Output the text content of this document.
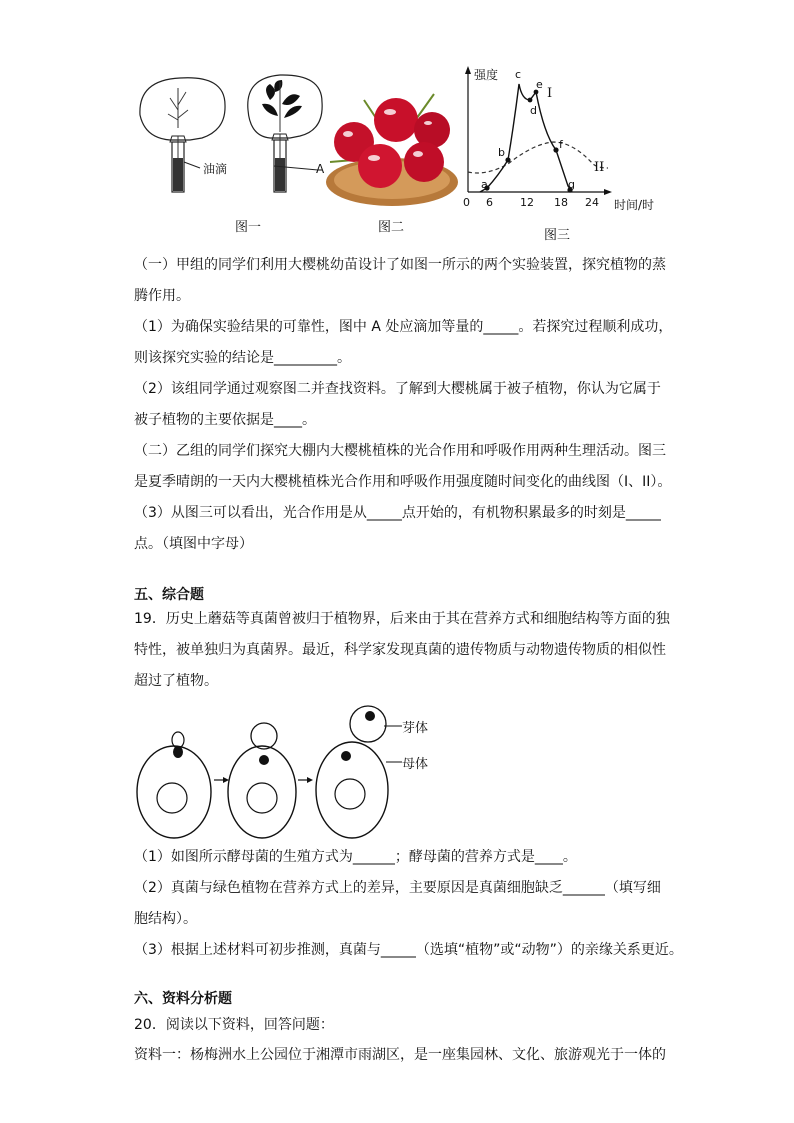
油滴	A
图一	图二
强度
时间/时
0 6 12 18 24
a
b
c
d
e
f
g
I
II
图三
（一）甲组的同学们利用大樱桃幼苗设计了如图一所示的两个实验装置，探究植物的蒸
腾作用。
（1）为确保实验结果的可靠性，图中 A 处应滴加等量的_____。若探究过程顺利成功，
则该探究实验的结论是_________。
（2）该组同学通过观察图二并查找资料。了解到大樱桃属于被子植物，你认为它属于
被子植物的主要依据是____。
（二）乙组的同学们探究大棚内大樱桃植株的光合作用和呼吸作用两种生理活动。图三
是夏季晴朗的一天内大樱桃植株光合作用和呼吸作用强度随时间变化的曲线图（I、II）。
（3）从图三可以看出，光合作用是从_____点开始的，有机物积累最多的时刻是_____
点。（填图中字母）
五、综合题
19．历史上蘑菇等真菌曾被归于植物界，后来由于其在营养方式和细胞结构等方面的独
特性，被单独归为真菌界。最近，科学家发现真菌的遗传物质与动物遗传物质的相似性
超过了植物。
芽体
母体
（1）如图所示酵母菌的生殖方式为______；酵母菌的营养方式是____。
（2）真菌与绿色植物在营养方式上的差异，主要原因是真菌细胞缺乏______（填写细
胞结构）。
（3）根据上述材料可初步推测，真菌与_____（选填“植物”或“动物”）的亲缘关系更近。
六、资料分析题
20．阅读以下资料，回答问题：
资料一：杨梅洲水上公园位于湘潭市雨湖区，是一座集园林、文化、旅游观光于一体的
